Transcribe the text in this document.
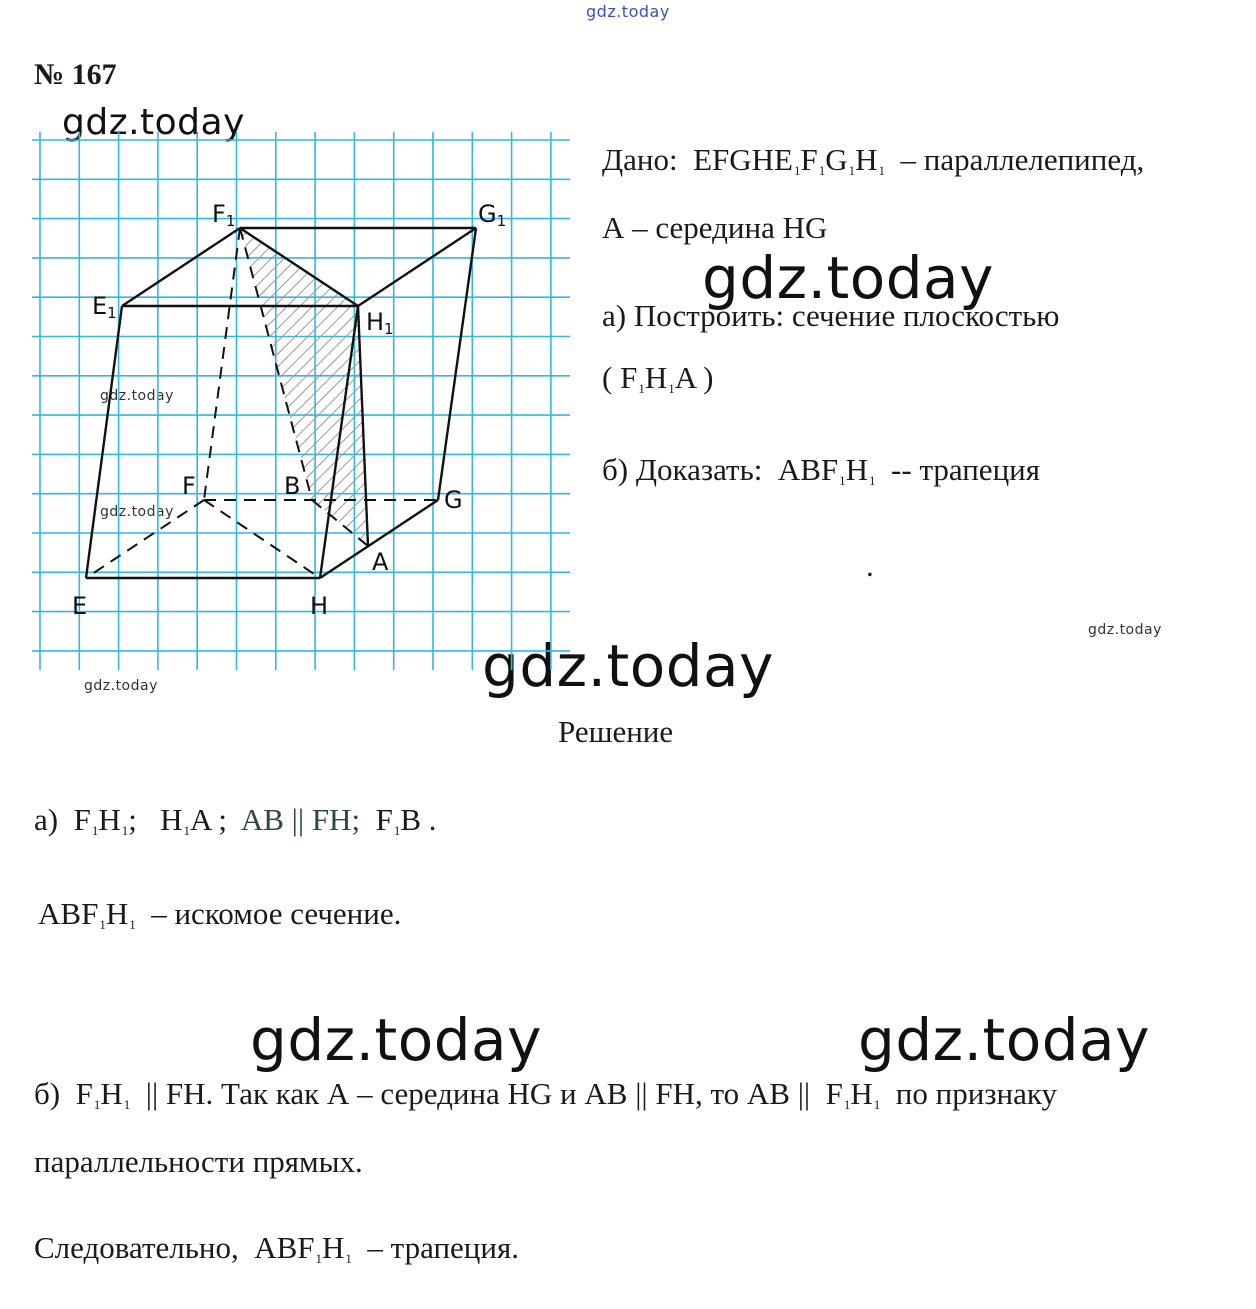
gdz.today
gdz.today
gdz.today
gdz.today
gdz.today
gdz.today
gdz.today	gdz.today
gdz.today	gdz.today
№ 167
F1	G1
E1	H1
F	B	G
A
E	H
Дано: $EFGHE_1F_1G_1H_1$ – параллелепипед,
А – середина HG
а) Построить: сечение плоскостью
( $F_1H_1A$ )
б) Доказать: $ABF_1H_1$ -- трапеция
.
Решение
а) $F_1H_1$; $H_1A$ ; AB || FH; $F_1B$ .
$ABF_1H_1$ – искомое сечение.
б) $F_1H_1$ || FH. Так как А – середина HG и AB || FH, то AB || $F_1H_1$ по признаку
параллельности прямых.
Следовательно, $ABF_1H_1$ – трапеция.
